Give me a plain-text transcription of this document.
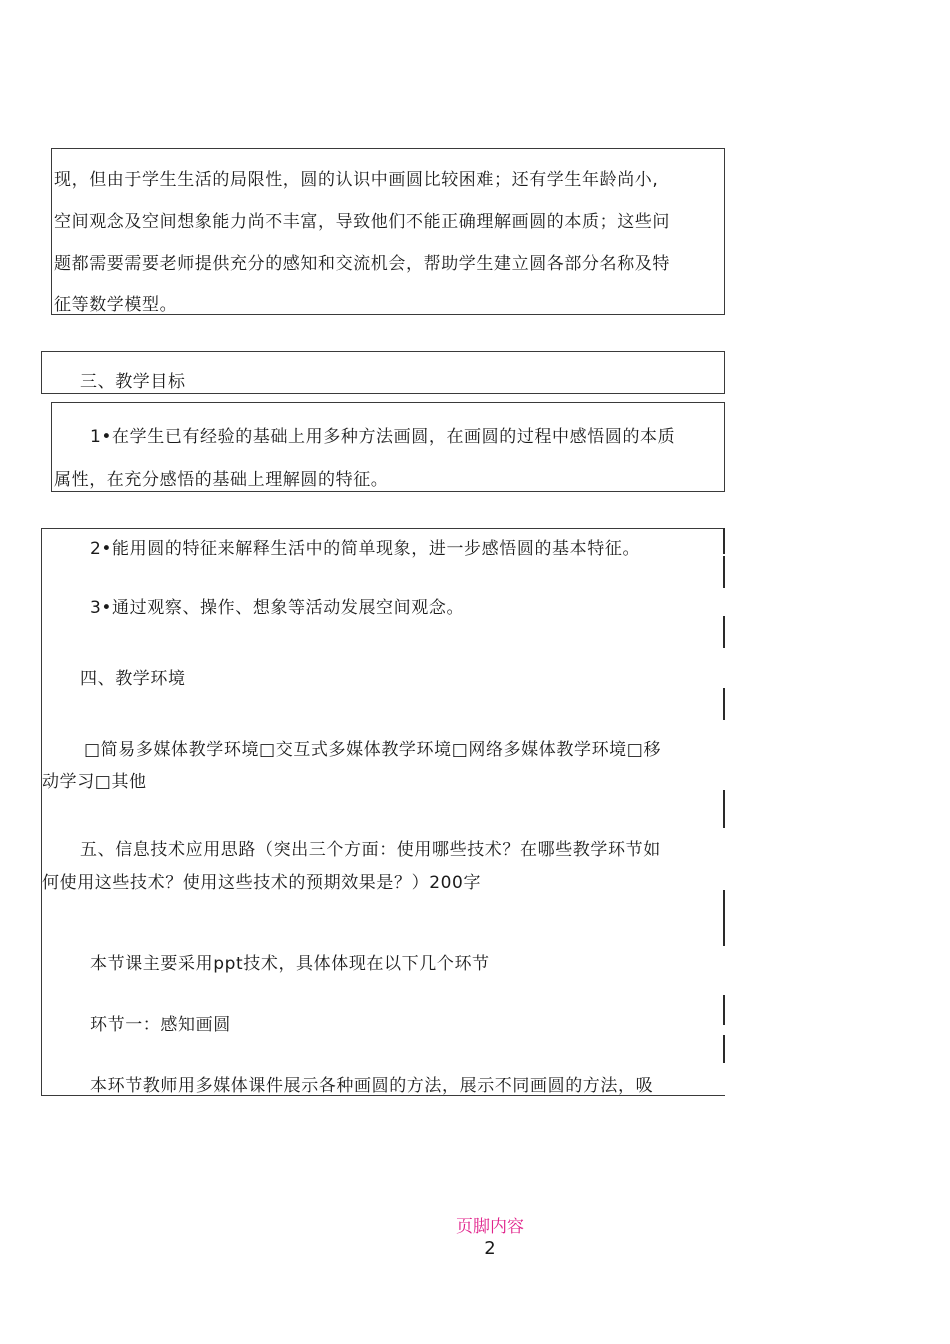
现，但由于学生生活的局限性，圆的认识中画圆比较困难；还有学生年龄尚小,
空间观念及空间想象能力尚不丰富，导致他们不能正确理解画圆的本质；这些问
题都需要需要老师提供充分的感知和交流机会，帮助学生建立圆各部分名称及特
征等数学模型。
三、教学目标
1•在学生已有经验的基础上用多种方法画圆，在画圆的过程中感悟圆的本质
属性，在充分感悟的基础上理解圆的特征。
2•能用圆的特征来解释生活中的简单现象，进一步感悟圆的基本特征。
3•通过观察、操作、想象等活动发展空间观念。
四、教学环境
□简易多媒体教学环境□交互式多媒体教学环境□网络多媒体教学环境□移
动学习□其他
五、信息技术应用思路（突出三个方面：使用哪些技术？在哪些教学环节如
何使用这些技术？使用这些技术的预期效果是？）200字
本节课主要采用ppt技术，具体体现在以下几个环节
环节一：感知画圆
本环节教师用多媒体课件展示各种画圆的方法，展示不同画圆的方法，吸
页脚内容
2
